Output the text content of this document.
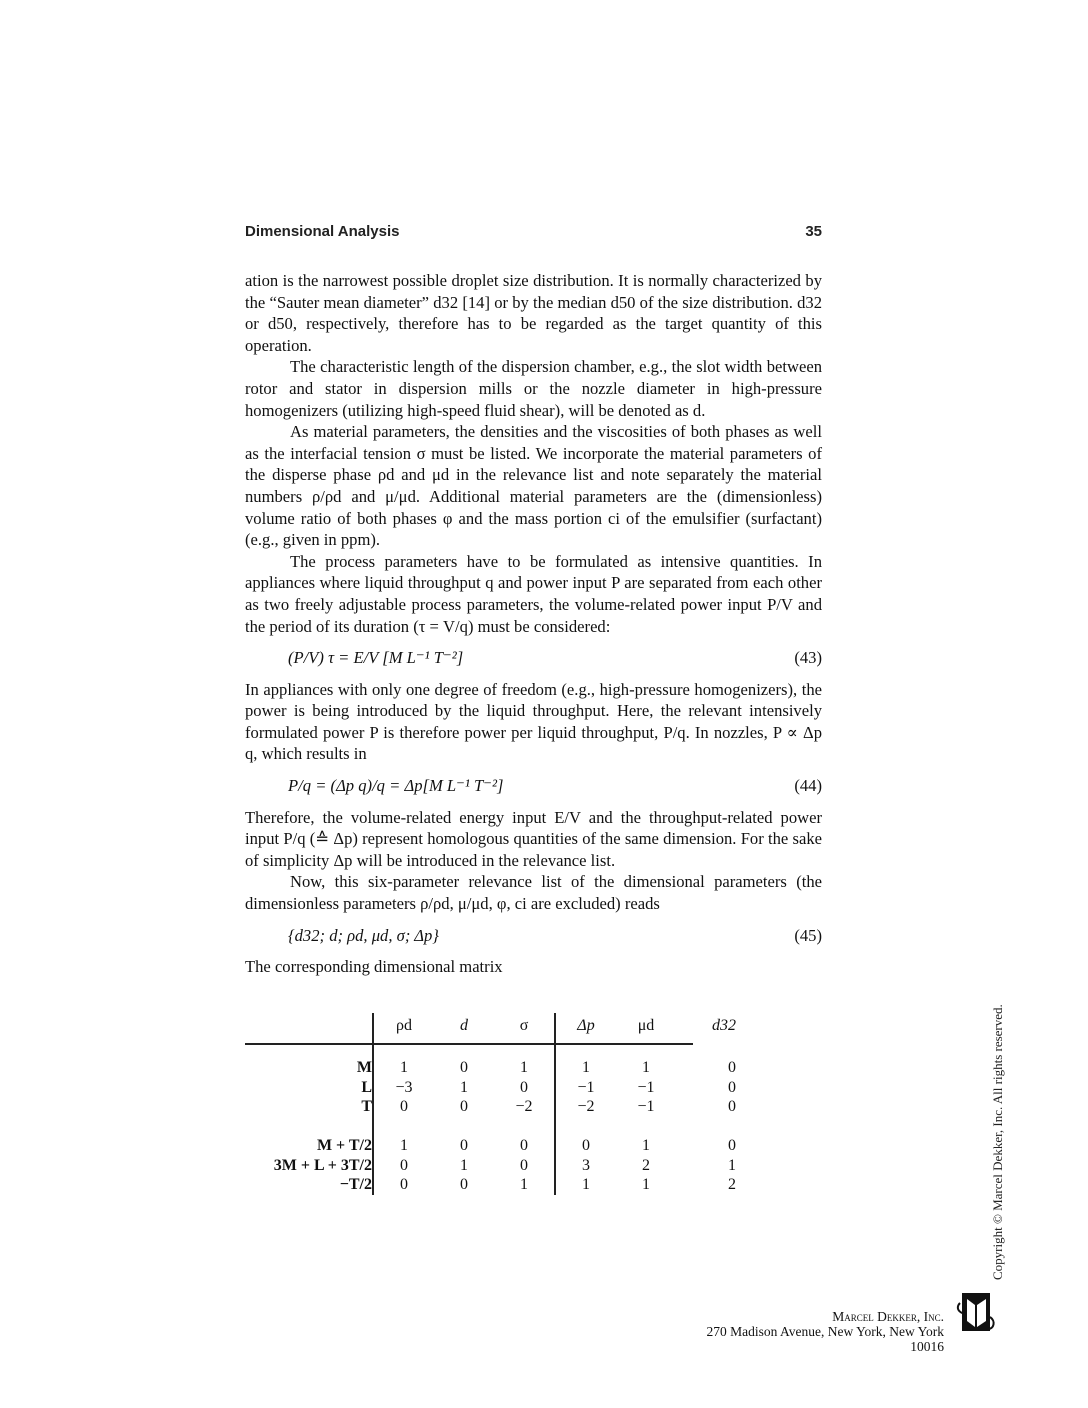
Dimensional Analysis	35

ation is the narrowest possible droplet size distribution. It is normally characterized by the “Sauter mean diameter” d32 [14] or by the median d50 of the size distribution. d32 or d50, respectively, therefore has to be regarded as the target quantity of this operation.

The characteristic length of the dispersion chamber, e.g., the slot width between rotor and stator in dispersion mills or the nozzle diameter in high-pressure homogenizers (utilizing high-speed fluid shear), will be denoted as d.

As material parameters, the densities and the viscosities of both phases as well as the interfacial tension σ must be listed. We incorporate the material parameters of the disperse phase ρd and μd in the relevance list and note separately the material numbers ρ/ρd and μ/μd. Additional material parameters are the (dimensionless) volume ratio of both phases φ and the mass portion ci of the emulsifier (surfactant) (e.g., given in ppm).

The process parameters have to be formulated as intensive quantities. In appliances where liquid throughput q and power input P are separated from each other as two freely adjustable process parameters, the volume-related power input P/V and the period of its duration (τ = V/q) must be considered:

(P/V) τ = E/V [M L⁻¹ T⁻²]	(43)

In appliances with only one degree of freedom (e.g., high-pressure homogenizers), the power is being introduced by the liquid throughput. Here, the relevant intensively formulated power P is therefore power per liquid throughput, P/q. In nozzles, P ∝ Δp q, which results in

P/q = (Δp q)/q = Δp[M L⁻¹ T⁻²]	(44)

Therefore, the volume-related energy input E/V and the throughput-related power input P/q (≙ Δp) represent homologous quantities of the same dimension. For the sake of simplicity Δp will be introduced in the relevance list.

Now, this six-parameter relevance list of the dimensional parameters (the dimensionless parameters ρ/ρd, μ/μd, φ, ci are excluded) reads

{d32; d; ρd, μd, σ; Δp}	(45)

The corresponding dimensional matrix

	ρd	d	σ	Δp	μd	d32

M	1	0	1	1	1	0
L	−3	1	0	−1	−1	0
T	0	0	−2	−2	−1	0

M + T/2	1	0	0	0	1	0
3M + L + 3T/2	0	1	0	3	2	1
−T/2	0	0	1	1	1	2
Marcel Dekker, Inc.
270 Madison Avenue, New York, New York 10016
Copyright © Marcel Dekker, Inc. All rights reserved.
